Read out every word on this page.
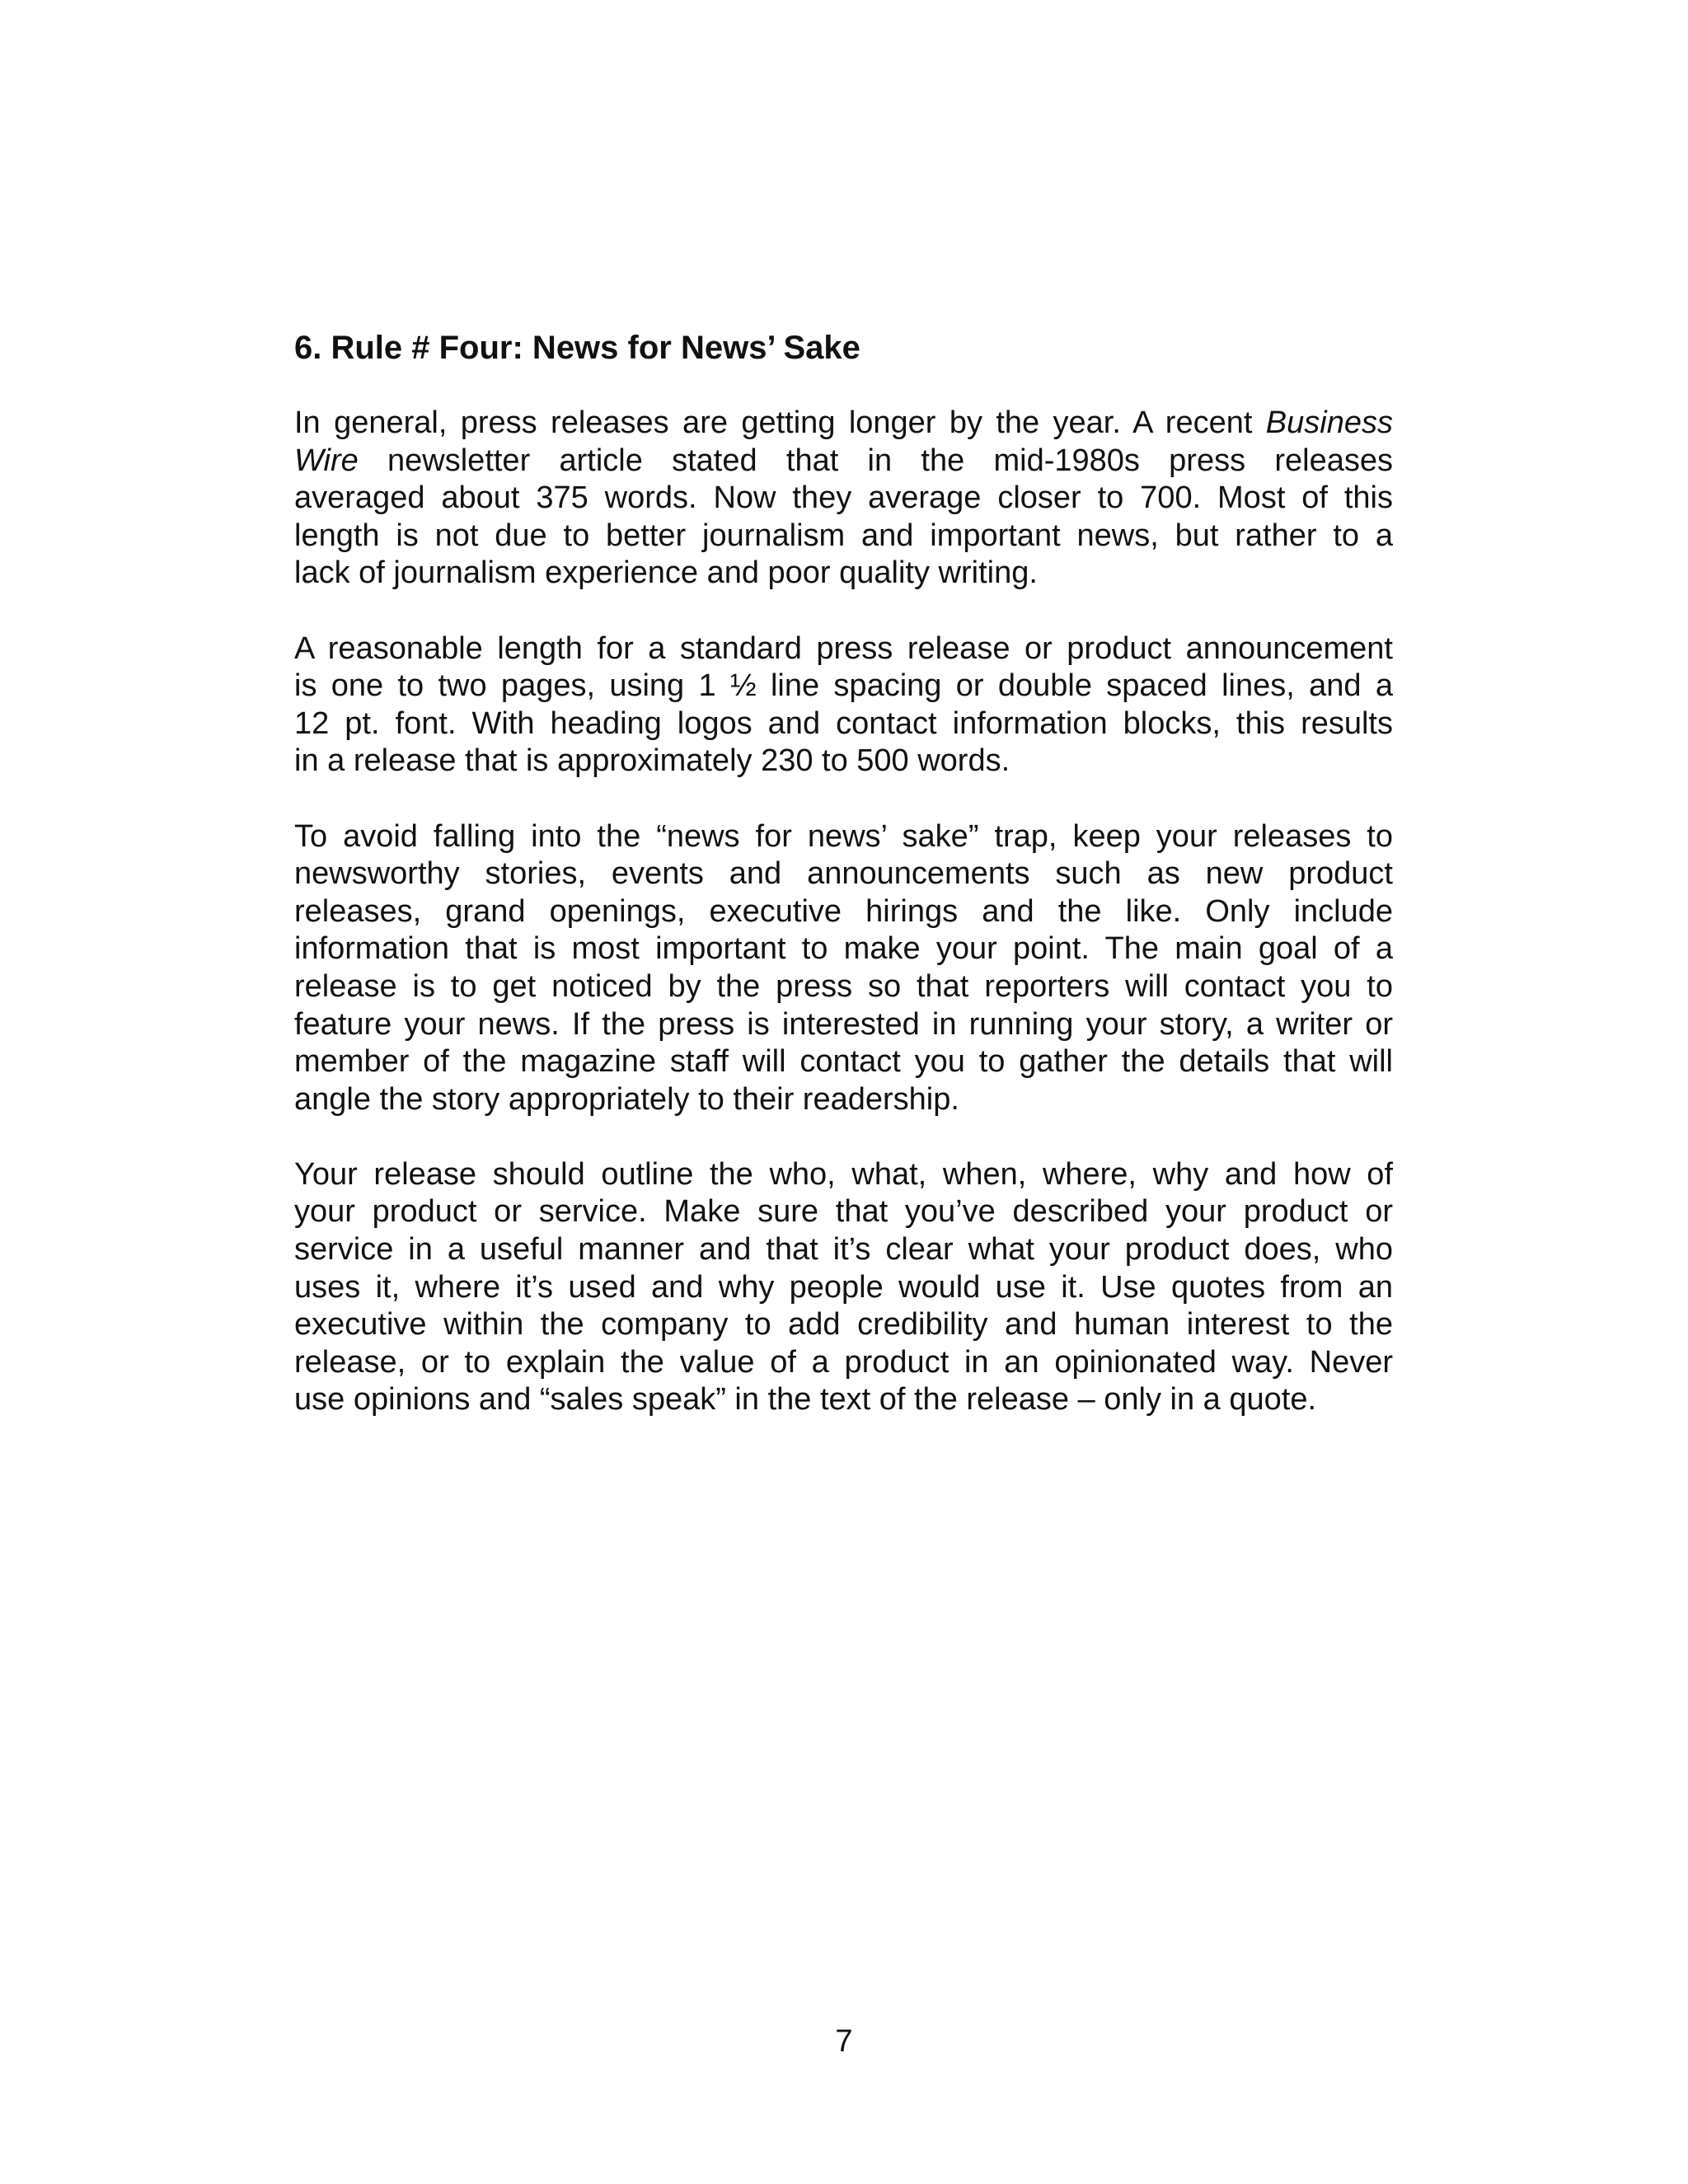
6. Rule # Four: News for News’ Sake
In general, press releases are getting longer by the year. A recent Business
Wire newsletter article stated that in the mid-1980s press releases
averaged about 375 words. Now they average closer to 700. Most of this
length is not due to better journalism and important news, but rather to a
lack of journalism experience and poor quality writing.
A reasonable length for a standard press release or product announcement
is one to two pages, using 1 ½ line spacing or double spaced lines, and a
12 pt. font. With heading logos and contact information blocks, this results
in a release that is approximately 230 to 500 words.
To avoid falling into the “news for news’ sake” trap, keep your releases to
newsworthy stories, events and announcements such as new product
releases, grand openings, executive hirings and the like. Only include
information that is most important to make your point. The main goal of a
release is to get noticed by the press so that reporters will contact you to
feature your news. If the press is interested in running your story, a writer or
member of the magazine staff will contact you to gather the details that will
angle the story appropriately to their readership.
Your release should outline the who, what, when, where, why and how of
your product or service. Make sure that you’ve described your product or
service in a useful manner and that it’s clear what your product does, who
uses it, where it’s used and why people would use it. Use quotes from an
executive within the company to add credibility and human interest to the
release, or to explain the value of a product in an opinionated way. Never
use opinions and “sales speak” in the text of the release – only in a quote.
7
